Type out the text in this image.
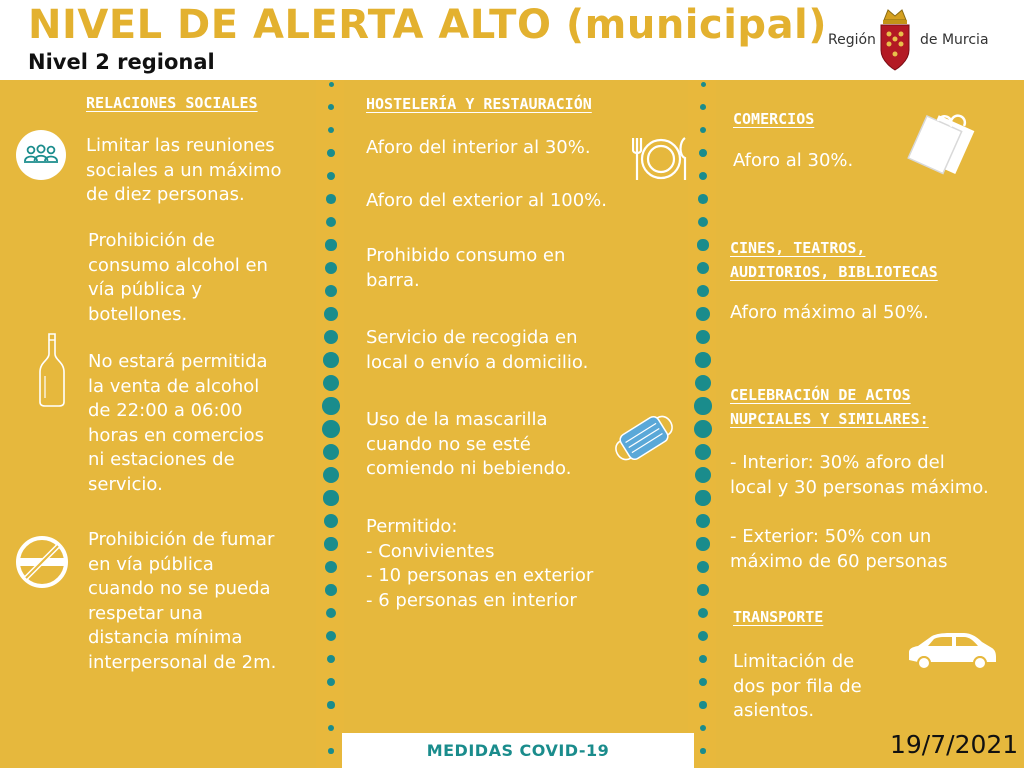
NIVEL DE ALERTA ALTO (municipal)
Nivel 2 regional
Región	de Murcia
RELACIONES SOCIALES
Limitar las reuniones
sociales a un máximo
de diez personas.
Prohibición de
consumo alcohol en
vía pública y
botellones.
No estará permitida
la venta de alcohol
de 22:00 a 06:00
horas en comercios
ni estaciones de
servicio.
Prohibición de fumar
en vía pública
cuando no se pueda
respetar una
distancia mínima
interpersonal de 2m.
HOSTELERÍA Y RESTAURACIÓN
Aforo del interior al 30%.
Aforo del exterior al 100%.
Prohibido consumo en
barra.
Servicio de recogida en
local o envío a domicilio.
Uso de la mascarilla
cuando no se esté
comiendo ni bebiendo.
Permitido:
- Convivientes
- 10 personas en exterior
- 6 personas en interior
COMERCIOS
Aforo al 30%.
CINES, TEATROS,
AUDITORIOS, BIBLIOTECAS
Aforo máximo al 50%.
CELEBRACIÓN DE ACTOS
NUPCIALES Y SIMILARES:
- Interior: 30% aforo del
local y 30 personas máximo.
- Exterior: 50% con un
máximo de 60 personas
TRANSPORTE
Limitación de
dos por fila de
asientos.
MEDIDAS COVID-19	19/7/2021
